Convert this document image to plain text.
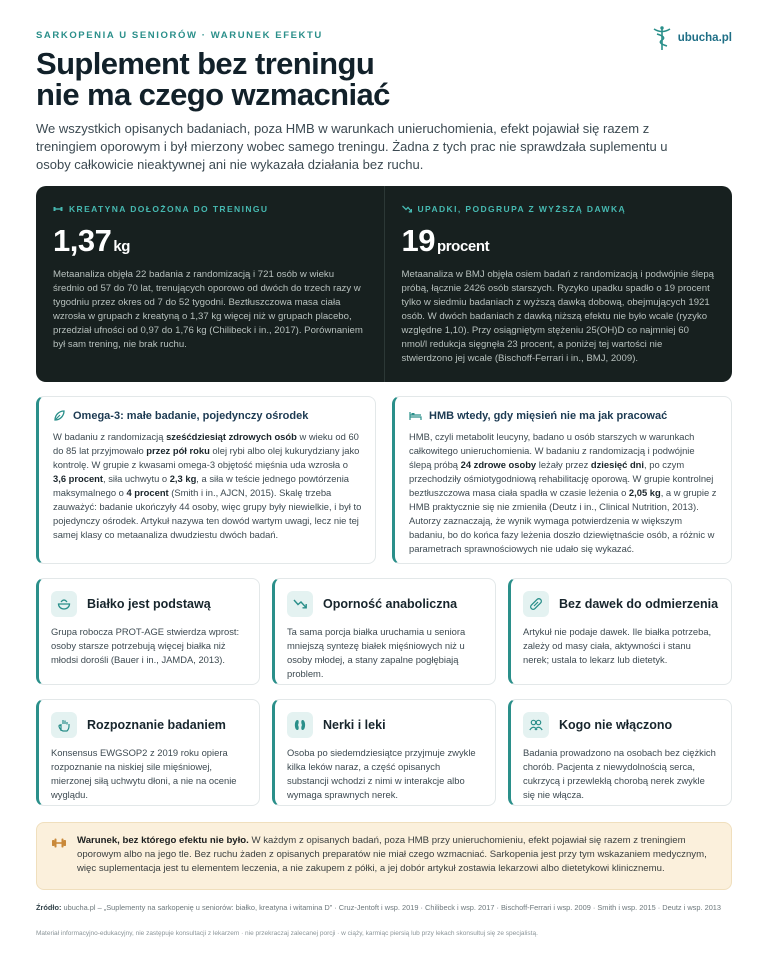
SARKOPENIA U SENIORÓW · WARUNEK EFEKTU	ubucha.pl
Suplement bez treningu
nie ma czego wzmacniać

We wszystkich opisanych badaniach, poza HMB w warunkach unieruchomienia, efekt pojawiał się razem z treningiem oporowym i był mierzony wobec samego treningu. Żadna z tych prac nie sprawdzała suplementu u osoby całkowicie nieaktywnej ani nie wykazała działania bez ruchu.

KREATYNA DOŁOŻONA DO TRENINGU
1,37 kg

Metaanaliza objęła 22 badania z randomizacją i 721 osób w wieku średnio od 57 do 70 lat, trenujących oporowo od dwóch do trzech razy w tygodniu przez okres od 7 do 52 tygodni. Beztłuszczowa masa ciała wzrosła w grupach z kreatyną o 1,37 kg więcej niż w grupach placebo, przedział ufności od 0,97 do 1,76 kg (Chilibeck i in., 2017). Porównaniem był sam trening, nie brak ruchu.

UPADKI, PODGRUPA Z WYŻSZĄ DAWKĄ
19 procent

Metaanaliza w BMJ objęła osiem badań z randomizacją i podwójnie ślepą próbą, łącznie 2426 osób starszych. Ryzyko upadku spadło o 19 procent tylko w siedmiu badaniach z wyższą dawką dobową, obejmujących 1921 osób. W dwóch badaniach z dawką niższą efektu nie było wcale (ryzyko względne 1,10). Przy osiągniętym stężeniu 25(OH)D co najmniej 60 nmol/l redukcja sięgnęła 23 procent, a poniżej tej wartości nie stwierdzono jej wcale (Bischoff-Ferrari i in., BMJ, 2009).

Omega-3: małe badanie, pojedynczy ośrodek

W badaniu z randomizacją sześćdziesiąt zdrowych osób w wieku od 60 do 85 lat przyjmowało przez pół roku olej rybi albo olej kukurydziany jako kontrolę. W grupie z kwasami omega-3 objętość mięśnia uda wzrosła o 3,6 procent, siła uchwytu o 2,3 kg, a siła w teście jednego powtórzenia maksymalnego o 4 procent (Smith i in., AJCN, 2015). Skalę trzeba zauważyć: badanie ukończyły 44 osoby, więc grupy były niewielkie, i był to pojedynczy ośrodek. Artykuł nazywa ten dowód wartym uwagi, lecz nie tej samej klasy co metaanaliza dwudziestu dwóch badań.

HMB wtedy, gdy mięsień nie ma jak pracować

HMB, czyli metabolit leucyny, badano u osób starszych w warunkach całkowitego unieruchomienia. W badaniu z randomizacją i podwójnie ślepą próbą 24 zdrowe osoby leżały przez dziesięć dni, po czym przechodziły ośmiotygodniową rehabilitację oporową. W grupie kontrolnej beztłuszczowa masa ciała spadła w czasie leżenia o 2,05 kg, a w grupie z HMB praktycznie się nie zmieniła (Deutz i in., Clinical Nutrition, 2013). Autorzy zaznaczają, że wynik wymaga potwierdzenia w większym badaniu, bo do końca fazy leżenia doszło dziewiętnaście osób, a różnic w parametrach sprawnościowych nie udało się wykazać.

Białko jest podstawą

Grupa robocza PROT-AGE stwierdza wprost: osoby starsze potrzebują więcej białka niż młodsi dorośli (Bauer i in., JAMDA, 2013).

Oporność anaboliczna

Ta sama porcja białka uruchamia u seniora mniejszą syntezę białek mięśniowych niż u osoby młodej, a stany zapalne pogłębiają problem.

Bez dawek do odmierzenia

Artykuł nie podaje dawek. Ile białka potrzeba, zależy od masy ciała, aktywności i stanu nerek; ustala to lekarz lub dietetyk.

Rozpoznanie badaniem

Konsensus EWGSOP2 z 2019 roku opiera rozpoznanie na niskiej sile mięśniowej, mierzonej siłą uchwytu dłoni, a nie na ocenie wyglądu.

Nerki i leki

Osoba po siedemdziesiątce przyjmuje zwykle kilka leków naraz, a część opisanych substancji wchodzi z nimi w interakcje albo wymaga sprawnych nerek.

Kogo nie włączono

Badania prowadzono na osobach bez ciężkich chorób. Pacjenta z niewydolnością serca, cukrzycą i przewlekłą chorobą nerek zwykle się nie włącza.

Warunek, bez którego efektu nie było. W każdym z opisanych badań, poza HMB przy unieruchomieniu, efekt pojawiał się razem z treningiem oporowym albo na jego tle. Bez ruchu żaden z opisanych preparatów nie miał czego wzmacniać. Sarkopenia jest przy tym wskazaniem medycznym, więc suplementacja jest tu elementem leczenia, a nie zakupem z półki, a jej dobór artykuł zostawia lekarzowi albo dietetykowi klinicznemu.

Źródło: ubucha.pl – „Suplementy na sarkopenię u seniorów: białko, kreatyna i witamina D” · Cruz-Jentoft i wsp. 2019 · Chilibeck i wsp. 2017 · Bischoff-Ferrari i wsp. 2009 · Smith i wsp. 2015 · Deutz i wsp. 2013

Materiał informacyjno-edukacyjny, nie zastępuje konsultacji z lekarzem · nie przekraczaj zalecanej porcji · w ciąży, karmiąc piersią lub przy lekach skonsultuj się ze specjalistą.
